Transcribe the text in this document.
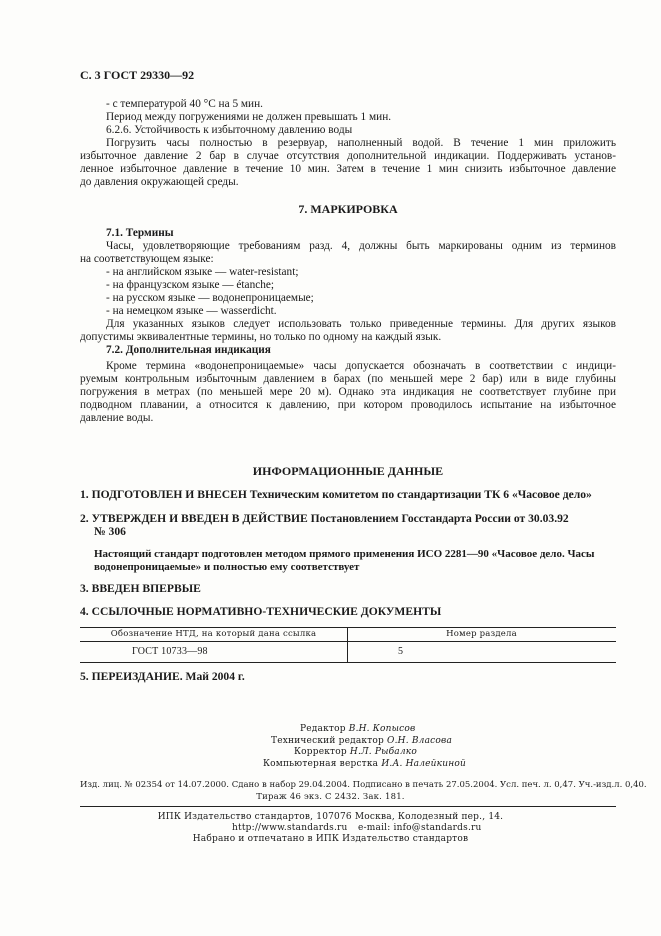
С. 3 ГОСТ 29330—92
- с температурой 40 °С на 5 мин.
Период между погружениями не должен превышать 1 мин.
6.2.6. Устойчивость к избыточному давлению воды
Погрузить часы полностью в резервуар, наполненный водой. В течение 1 мин приложить
избыточное давление 2 бар в случае отсутствия дополнительной индикации. Поддерживать установ-
ленное избыточное давление в течение 10 мин. Затем в течение 1 мин снизить избыточное давление
до давления окружающей среды.
7. МАРКИРОВКА
7.1. Термины
Часы, удовлетворяющие требованиям разд. 4, должны быть маркированы одним из терминов
на соответствующем языке:
- на английском языке — water-resistant;
- на французском языке — étanche;
- на русском языке — водонепроницаемые;
- на немецком языке — wasserdicht.
Для указанных языков следует использовать только приведенные термины. Для других языков
допустимы эквивалентные термины, но только по одному на каждый язык.
7.2. Дополнительная индикация
Кроме термина «водонепроницаемые» часы допускается обозначать в соответствии с индици-
руемым контрольным избыточным давлением в барах (по меньшей мере 2 бар) или в виде глубины
погружения в метрах (по меньшей мере 20 м). Однако эта индикация не соответствует глубине при
подводном плавании, а относится к давлению, при котором проводилось испытание на избыточное
давление воды.
ИНФОРМАЦИОННЫЕ ДАННЫЕ
1. ПОДГОТОВЛЕН И ВНЕСЕН Техническим комитетом по стандартизации ТК 6 «Часовое дело»
2. УТВЕРЖДЕН И ВВЕДЕН В ДЕЙСТВИЕ Постановлением Госстандарта России от 30.03.92
№ 306
Настоящий стандарт подготовлен методом прямого применения ИСО 2281—90 «Часовое дело. Часы
водонепроницаемые» и полностью ему соответствует
3. ВВЕДЕН ВПЕРВЫЕ
4. ССЫЛОЧНЫЕ НОРМАТИВНО-ТЕХНИЧЕСКИЕ ДОКУМЕНТЫ
Обозначение НТД, на который дана ссылка	Номер раздела
ГОСТ 10733—98	5
5. ПЕРЕИЗДАНИЕ. Май 2004 г.
Редактор В.Н. Копысов
Технический редактор О.Н. Власова
Корректор Н.Л. Рыбалко
Компьютерная верстка И.А. Налейкиной
Изд. лиц. № 02354 от 14.07.2000. Сдано в набор 29.04.2004. Подписано в печать 27.05.2004. Усл. печ. л. 0,47. Уч.-изд.л. 0,40.
Тираж 46 экз. С 2432. Зак. 181.
ИПК Издательство стандартов, 107076 Москва, Колодезный пер., 14.
http://www.standards.ru e-mail: info@standards.ru
Набрано и отпечатано в ИПК Издательство стандартов
